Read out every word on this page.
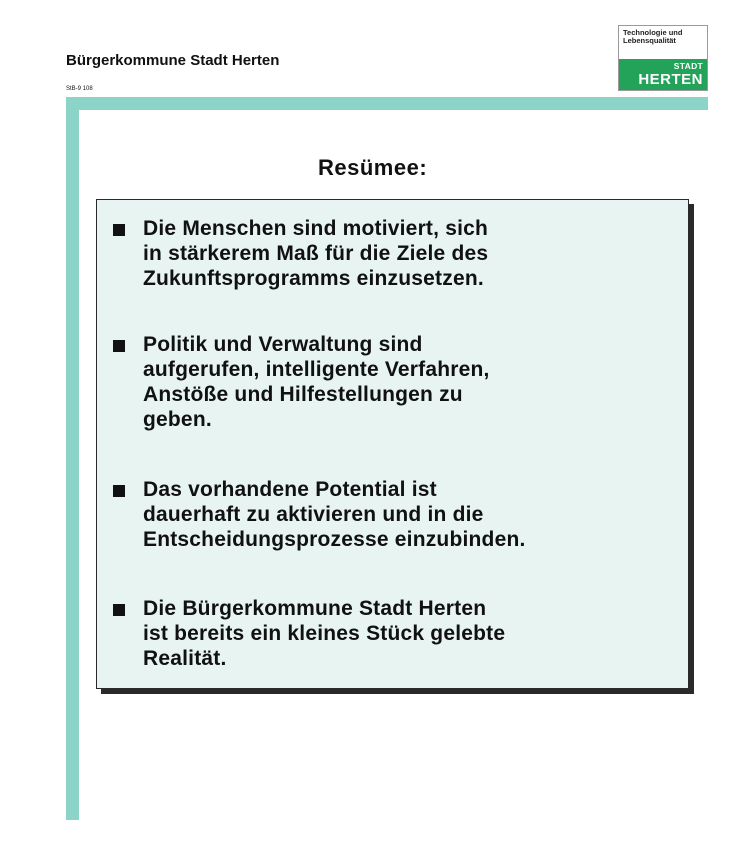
Bürgerkommune Stadt Herten
StB-9 108
Technologie und
Lebensqualität
STADT
HERTEN
Resümee:
Die Menschen sind motiviert, sich
in stärkerem Maß für die Ziele des
Zukunftsprogramms einzusetzen.
Politik und Verwaltung sind
aufgerufen, intelligente Verfahren,
Anstöße und Hilfestellungen zu
geben.
Das vorhandene Potential ist
dauerhaft zu aktivieren und in die
Entscheidungsprozesse einzubinden.
Die Bürgerkommune Stadt Herten
ist bereits ein kleines Stück gelebte
Realität.
